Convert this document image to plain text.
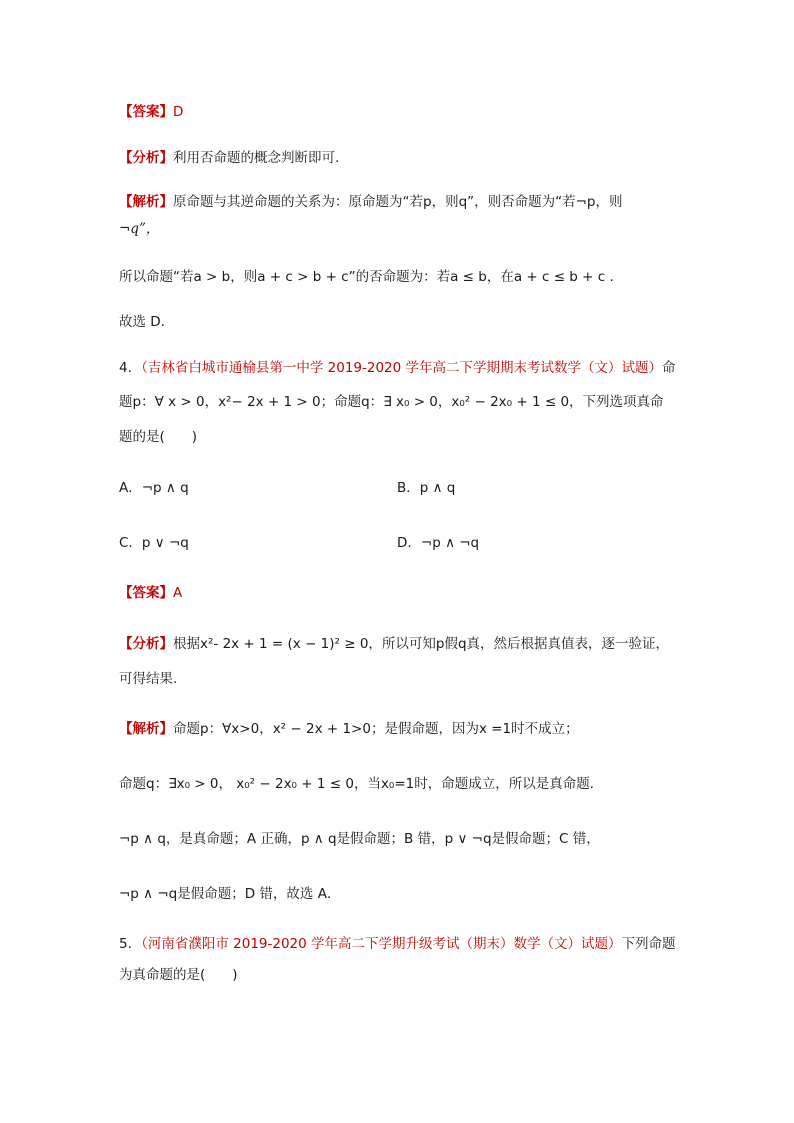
【答案】D
【分析】利用否命题的概念判断即可.
【解析】原命题与其逆命题的关系为：原命题为“若p，则q”，则否命题为“若¬p，则
¬q”，
所以命题“若a > b，则a + c > b + c”的否命题为：若a ≤ b，在a + c ≤ b + c .
故选 D.
4．（吉林省白城市通榆县第一中学 2019-2020 学年高二下学期期末考试数学（文）试题）命
题p：∀ x > 0，x²− 2x + 1 > 0；命题q：∃ x₀ > 0，x₀² − 2x₀ + 1 ≤ 0，下列选项真命
题的是(　　)
A．¬p ∧ q	B．p ∧ q
C．p ∨ ¬q	D．¬p ∧ ¬q
【答案】A
【分析】根据x²- 2x + 1 = (x − 1)² ≥ 0，所以可知p假q真，然后根据真值表，逐一验证，
可得结果.
【解析】命题p：∀x>0，x² − 2x + 1>0；是假命题，因为x =1时不成立；
命题q：∃x₀ > 0， x₀² − 2x₀ + 1 ≤ 0，当x₀=1时，命题成立，所以是真命题．
¬p ∧ q，是真命题；A 正确，p ∧ q是假命题；B 错，p ∨ ¬q是假命题；C 错，
¬p ∧ ¬q是假命题；D 错，故选 A．
5．（河南省濮阳市 2019-2020 学年高二下学期升级考试（期末）数学（文）试题）下列命题
为真命题的是(　　)
